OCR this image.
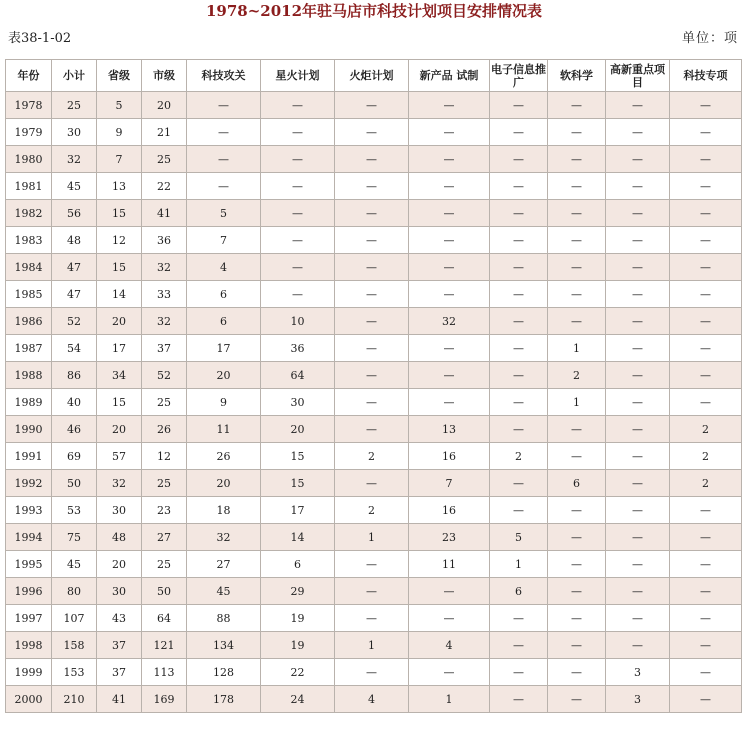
1978~2012年驻马店市科技计划项目安排情况表
表38-1-02	单位：项
年份	小计	省级	市级	科技攻关	星火计划	火炬计划	新产品 试制	电子信息推广	软科学	高新重点项目	科技专项
1978	25	5	20	—	—	—	—	—	—	—	—
1979	30	9	21	—	—	—	—	—	—	—	—
1980	32	7	25	—	—	—	—	—	—	—	—
1981	45	13	22	—	—	—	—	—	—	—	—
1982	56	15	41	5	—	—	—	—	—	—	—
1983	48	12	36	7	—	—	—	—	—	—	—
1984	47	15	32	4	—	—	—	—	—	—	—
1985	47	14	33	6	—	—	—	—	—	—	—
1986	52	20	32	6	10	—	32	—	—	—	—
1987	54	17	37	17	36	—	—	—	1	—	—
1988	86	34	52	20	64	—	—	—	2	—	—
1989	40	15	25	9	30	—	—	—	1	—	—
1990	46	20	26	11	20	—	13	—	—	—	2
1991	69	57	12	26	15	2	16	2	—	—	2
1992	50	32	25	20	15	—	7	—	6	—	2
1993	53	30	23	18	17	2	16	—	—	—	—
1994	75	48	27	32	14	1	23	5	—	—	—
1995	45	20	25	27	6	—	11	1	—	—	—
1996	80	30	50	45	29	—	—	6	—	—	—
1997	107	43	64	88	19	—	—	—	—	—	—
1998	158	37	121	134	19	1	4	—	—	—	—
1999	153	37	113	128	22	—	—	—	—	3	—
2000	210	41	169	178	24	4	1	—	—	3	—
